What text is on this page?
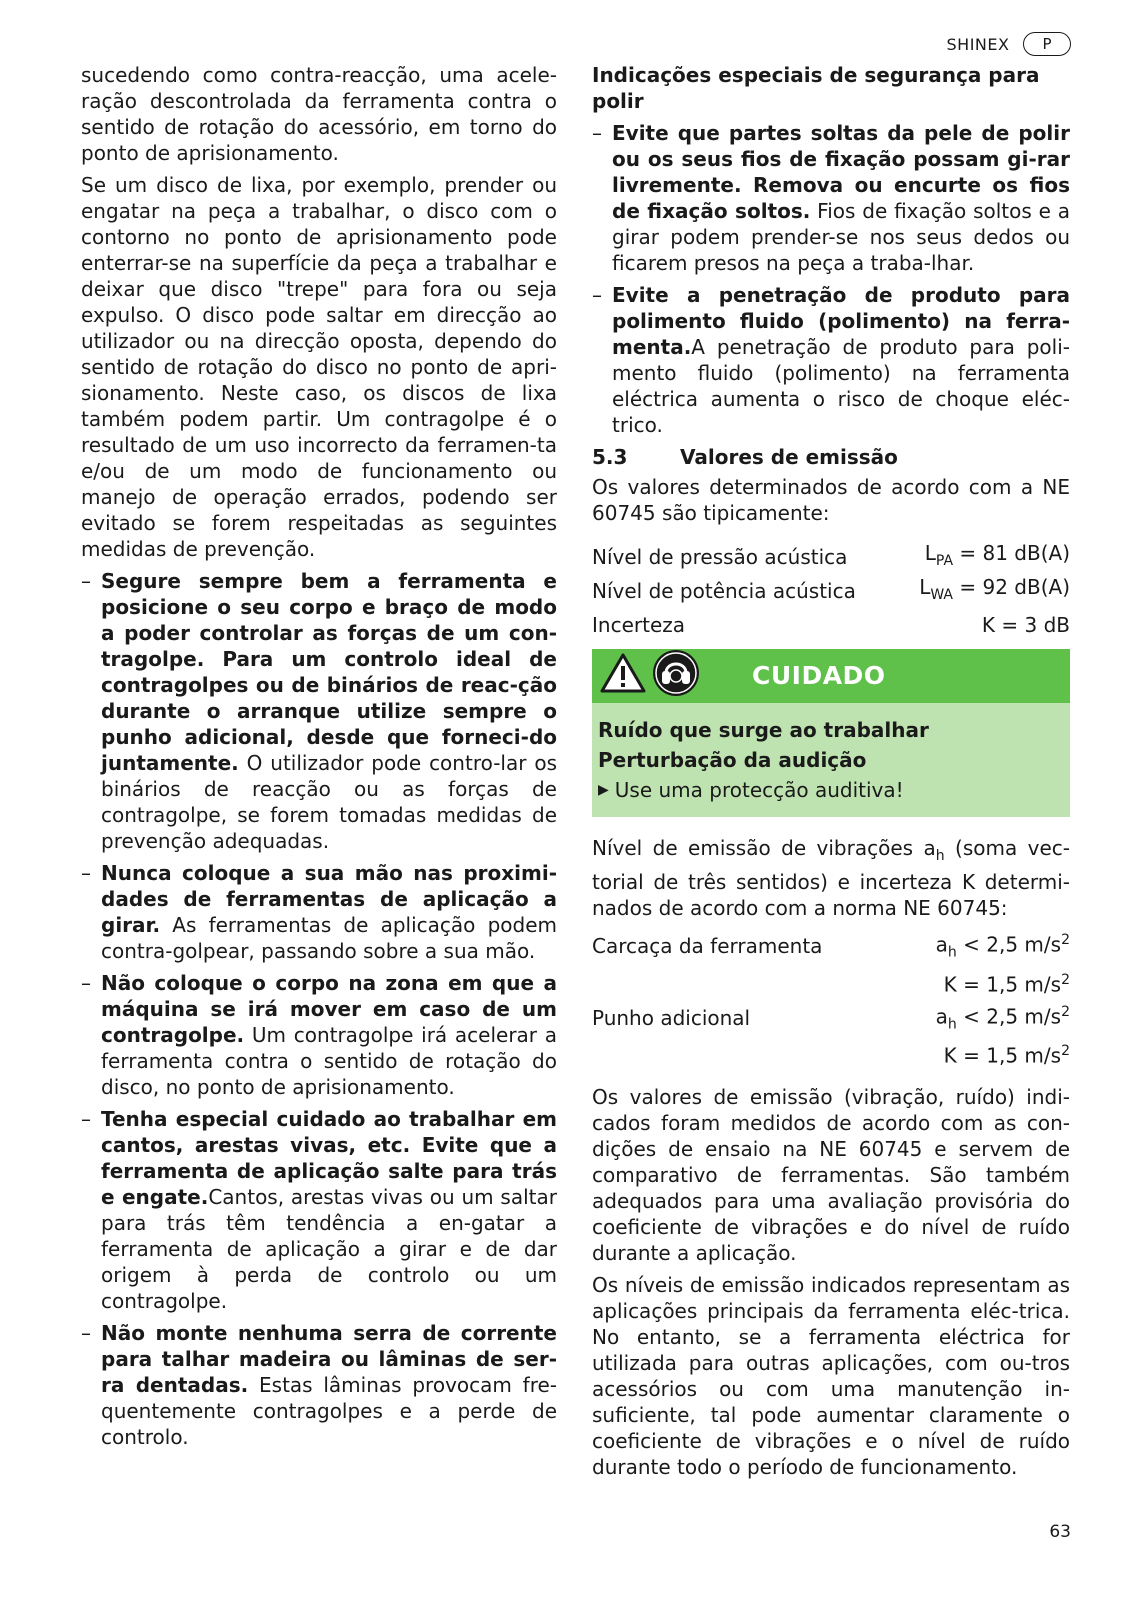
SHINEX	P

sucedendo como contra-reacção, uma acele-ração descontrolada da ferramenta contra o sentido de rotação do acessório, em torno do ponto de aprisionamento.

Se um disco de lixa, por exemplo, prender ou engatar na peça a trabalhar, o disco com o contorno no ponto de aprisionamento pode enterrar-se na superfície da peça a trabalhar e deixar que disco "trepe" para fora ou seja expulso. O disco pode saltar em direcção ao utilizador ou na direcção oposta, dependo do sentido de rotação do disco no ponto de apri-sionamento. Neste caso, os discos de lixa também podem partir. Um contragolpe é o resultado de um uso incorrecto da ferramen-ta e/ou de um modo de funcionamento ou manejo de operação errados, podendo ser evitado se forem respeitadas as seguintes medidas de prevenção.

– Segure sempre bem a ferramenta e posicione o seu corpo e braço de modo a poder controlar as forças de um con-tragolpe. Para um controlo ideal de contragolpes ou de binários de reac-ção durante o arranque utilize sempre o punho adicional, desde que forneci-do juntamente. O utilizador pode contro-lar os binários de reacção ou as forças de contragolpe, se forem tomadas medidas de prevenção adequadas.
– Nunca coloque a sua mão nas proximi-dades de ferramentas de aplicação a girar. As ferramentas de aplicação podem contra-golpear, passando sobre a sua mão.
– Não coloque o corpo na zona em que a máquina se irá mover em caso de um contragolpe. Um contragolpe irá acelerar a ferramenta contra o sentido de rotação do disco, no ponto de aprisionamento.
– Tenha especial cuidado ao trabalhar em cantos, arestas vivas, etc. Evite que a ferramenta de aplicação salte para trás e engate.Cantos, arestas vivas ou um saltar para trás têm tendência a en-gatar a ferramenta de aplicação a girar e de dar origem à perda de controlo ou um contragolpe.
– Não monte nenhuma serra de corrente para talhar madeira ou lâminas de ser-ra dentadas. Estas lâminas provocam fre-quentemente contragolpes e a perde de controlo.

Indicações especiais de segurança para polir

– Evite que partes soltas da pele de polir ou os seus fios de fixação possam gi-rar livremente. Remova ou encurte os fios de fixação soltos. Fios de fixação soltos e a girar podem prender-se nos seus dedos ou ficarem presos na peça a traba-lhar.
– Evite a penetração de produto para polimento fluido (polimento) na ferra-menta.A penetração de produto para poli-mento fluido (polimento) na ferramenta eléctrica aumenta o risco de choque eléc-trico.
5.3	Valores de emissão

Os valores determinados de acordo com a NE 60745 são tipicamente:

Nível de pressão acústica	$L_{PA} = 81$ dB(A)
Nível de potência acústica	$L_{WA} = 92$ dB(A)
Incerteza	K = 3 dB
CUIDADO
Ruído que surge ao trabalhar
Perturbação da audição
▶ Use uma protecção auditiva!

Nível de emissão de vibrações $a_h$ (soma vec-torial de três sentidos) e incerteza K determi-nados de acordo com a norma NE 60745:

Carcaça da ferramenta	$a_h < 2,5$ $m/s^2$
	K = 1,5 $m/s^2$
Punho adicional	$a_h < 2,5$ $m/s^2$
	K = 1,5 $m/s^2$

Os valores de emissão (vibração, ruído) indi-cados foram medidos de acordo com as con-dições de ensaio na NE 60745 e servem de comparativo de ferramentas. São também adequados para uma avaliação provisória do coeficiente de vibrações e do nível de ruído durante a aplicação.

Os níveis de emissão indicados representam as aplicações principais da ferramenta eléc-trica. No entanto, se a ferramenta eléctrica for utilizada para outras aplicações, com ou-tros acessórios ou com uma manutenção in-suficiente, tal pode aumentar claramente o coeficiente de vibrações e o nível de ruído durante todo o período de funcionamento.

63
